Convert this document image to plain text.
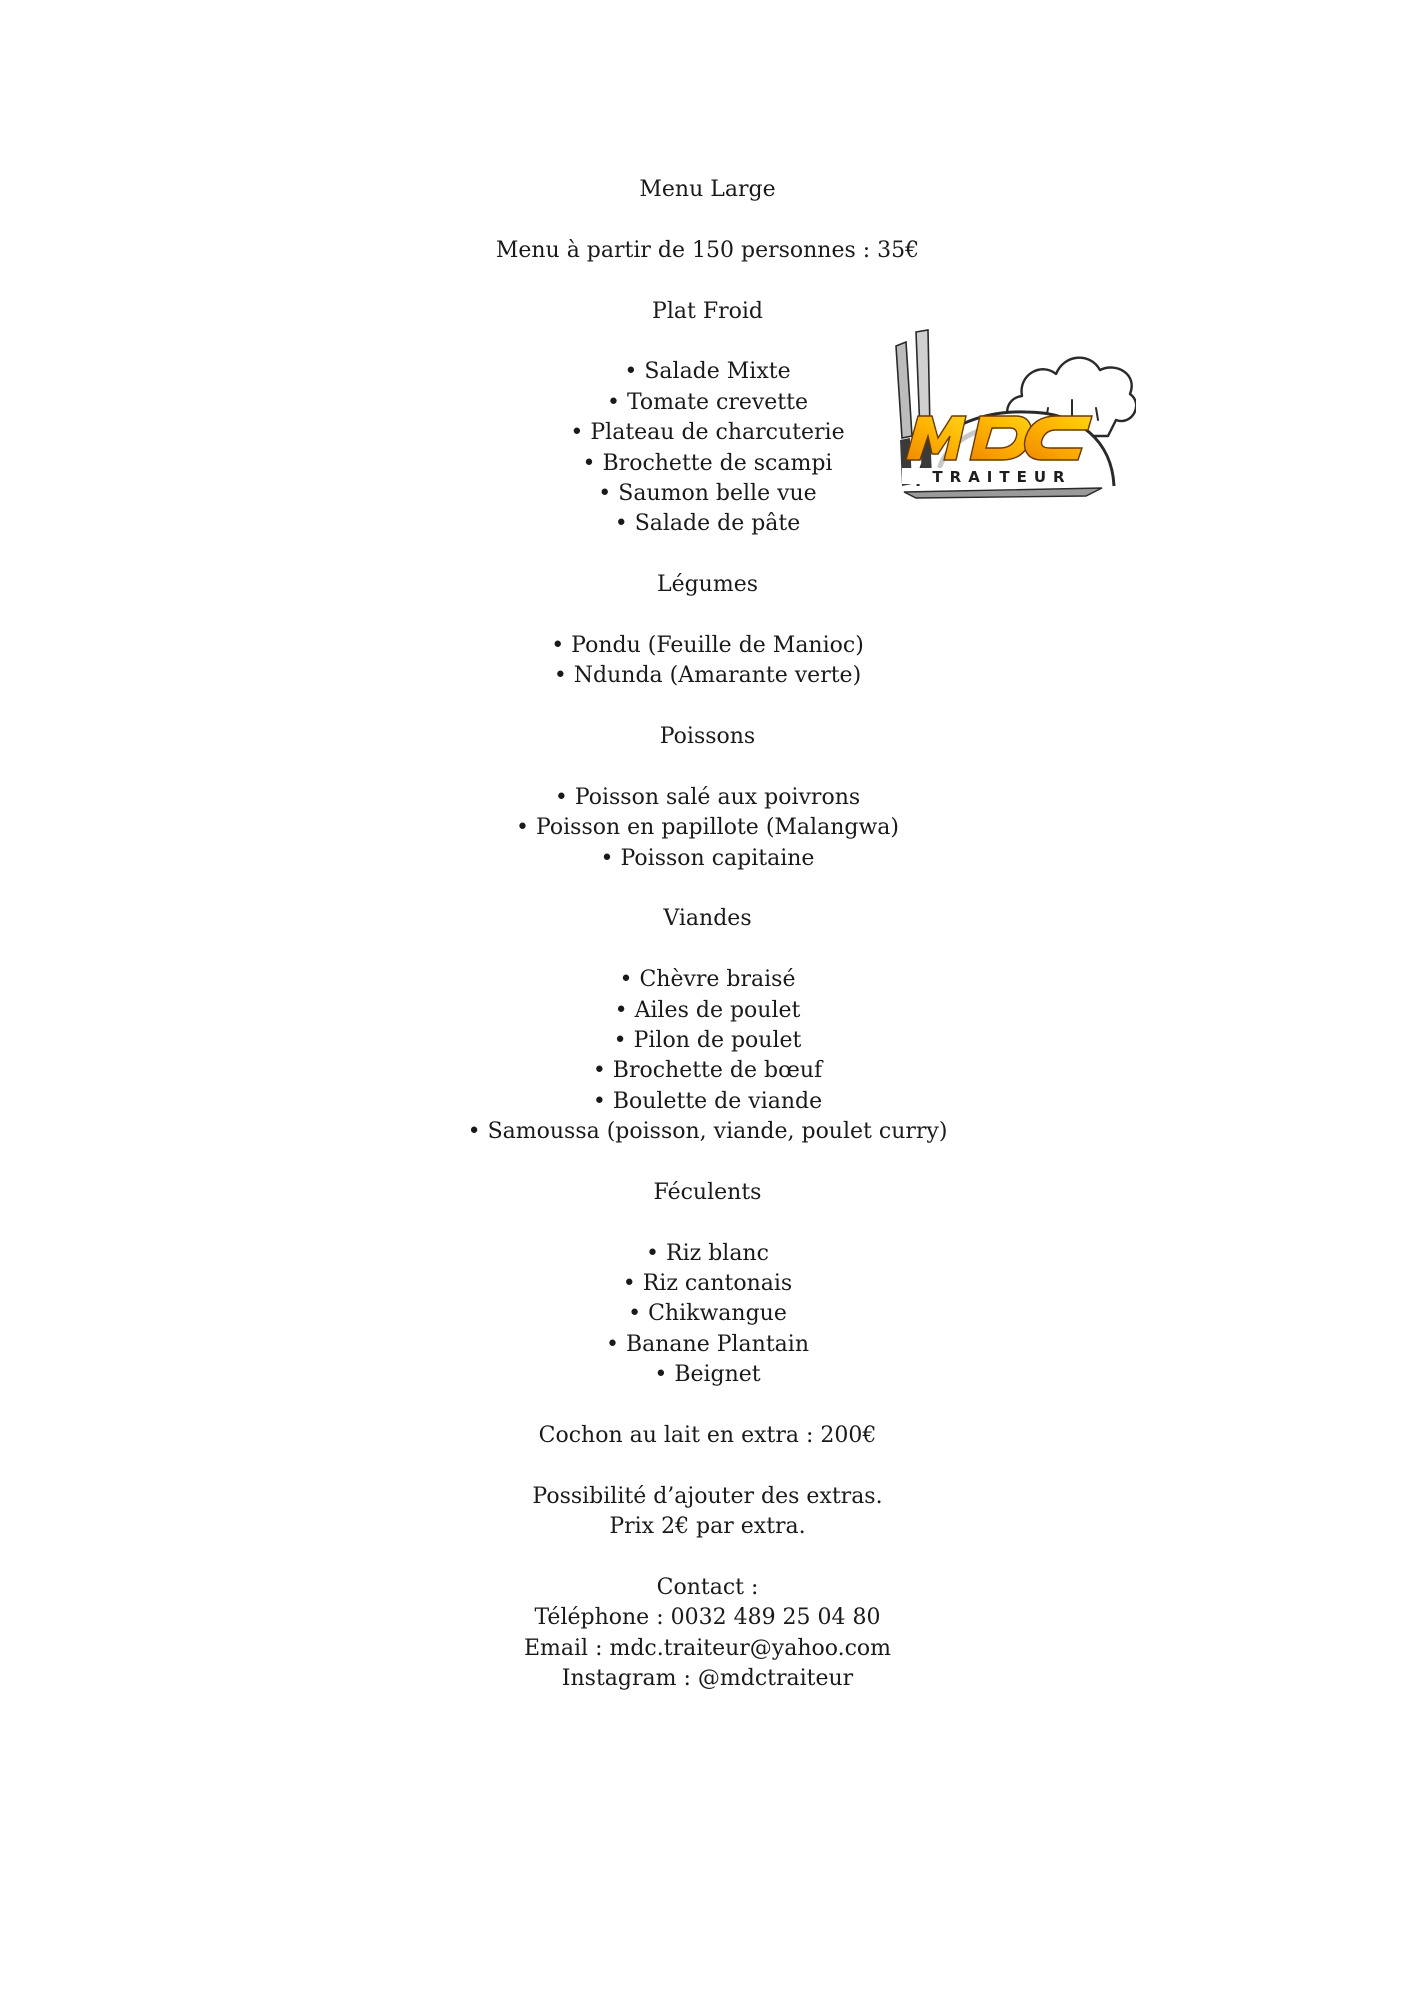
Menu Large
Menu à partir de 150 personnes : 35€
Plat Froid
• Salade Mixte
• Tomate crevette
• Plateau de charcuterie
• Brochette de scampi
• Saumon belle vue
• Salade de pâte
Légumes
• Pondu (Feuille de Manioc)
• Ndunda (Amarante verte)
Poissons
• Poisson salé aux poivrons
• Poisson en papillote (Malangwa)
• Poisson capitaine
Viandes
• Chèvre braisé
• Ailes de poulet
• Pilon de poulet
• Brochette de bœuf
• Boulette de viande
• Samoussa (poisson, viande, poulet curry)
Féculents
• Riz blanc
• Riz cantonais
• Chikwangue
• Banane Plantain
• Beignet
Cochon au lait en extra : 200€
Possibilité d’ajouter des extras.
Prix 2€ par extra.
Contact :
Téléphone : 0032 489 25 04 80
Email : mdc.traiteur@yahoo.com
Instagram : @mdctraiteur
TRAITEUR
